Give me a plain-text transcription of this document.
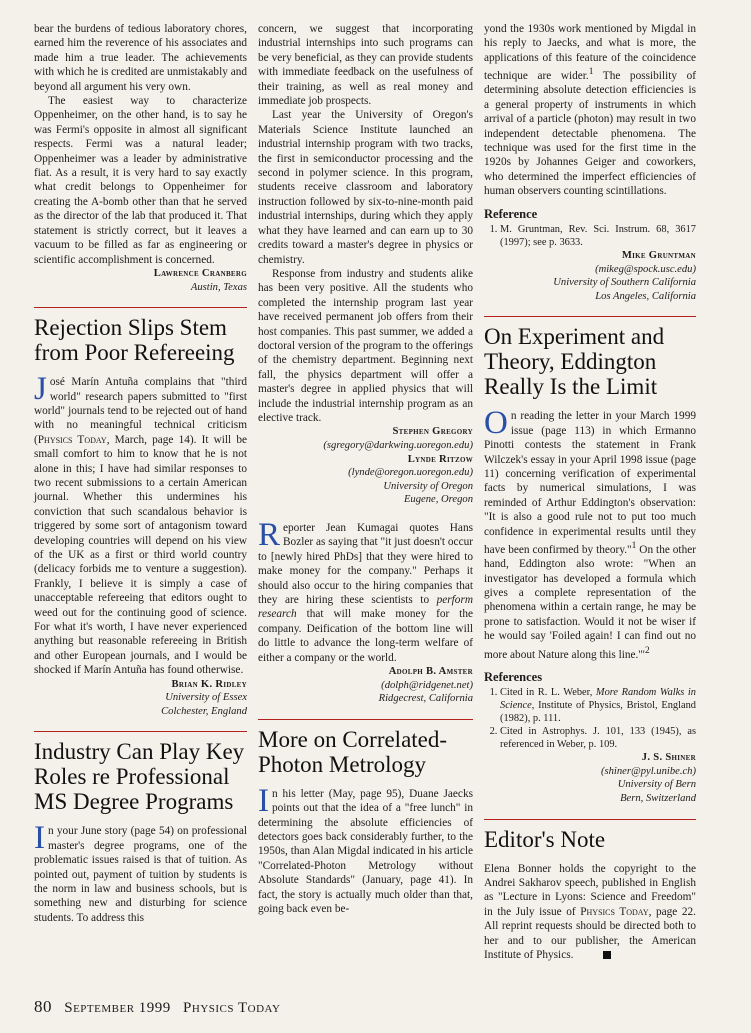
bear the burdens of tedious laboratory chores, earned him the reverence of his associates and made him a true leader. The achievements with which he is credited are unmistakably and beyond all argument his very own.

The easiest way to characterize Oppenheimer, on the other hand, is to say he was Fermi's opposite in almost all significant respects. Fermi was a natural leader; Oppenheimer was a leader by administrative fiat. As a result, it is very hard to say exactly what credit belongs to Oppenheimer for creating the A-bomb other than that he served as the director of the lab that produced it. That statement is strictly correct, but it leaves a vacuum to be filled as far as engineering or scientific accomplishment is concerned.

Lawrence Cranberg
Austin, Texas
Rejection Slips Stem from Poor Refereeing

José Marín Antuña complains that "third world" research papers submitted to "first world" journals tend to be rejected out of hand with no meaningful technical criticism (Physics Today, March, page 14). It will be small comfort to him to know that he is not alone in this; I have had similar responses to two recent submissions to a certain American journal. Whether this undermines his conviction that such scandalous behavior is triggered by some sort of antagonism toward developing countries will depend on his view of the UK as a first or third world country (delicacy forbids me to venture a suggestion). Frankly, I believe it is simply a case of unacceptable refereeing that editors ought to weed out for the continuing good of science. For what it's worth, I have never experienced anything but reasonable refereeing in British and other European journals, and I would be shocked if Marín Antuña has found otherwise.

Brian K. Ridley
University of Essex
Colchester, England
Industry Can Play Key Roles re Professional MS Degree Programs

In your June story (page 54) on professional master's degree programs, one of the problematic issues raised is that of tuition. As pointed out, payment of tuition by students is the norm in law and business schools, but is something new and disturbing for science students. To address this

concern, we suggest that incorporating industrial internships into such programs can be very beneficial, as they can provide students with immediate feedback on the usefulness of their training, as well as real money and immediate job prospects.

Last year the University of Oregon's Materials Science Institute launched an industrial internship program with two tracks, the first in semiconductor processing and the second in polymer science. In this program, students receive classroom and laboratory instruction followed by six-to-nine-month paid industrial internships, during which they apply what they have learned and can earn up to 30 credits toward a master's degree in physics or chemistry.

Response from industry and students alike has been very positive. All the students who completed the internship program last year have received permanent job offers from their host companies. This past summer, we added a doctoral version of the program to the offerings of the chemistry department. Beginning next fall, the physics department will offer a master's degree in applied physics that will include the industrial internship program as an elective track.

Stephen Gregory
(sgregory@darkwing.uoregon.edu)
Lynde Ritzow
(lynde@oregon.uoregon.edu)
University of Oregon
Eugene, Oregon

Reporter Jean Kumagai quotes Hans Bozler as saying that "it just doesn't occur to [newly hired PhDs] that they were hired to make money for the company." Perhaps it should also occur to the hiring companies that they are hiring these scientists to perform research that will make money for the company. Deification of the bottom line will do little to advance the long-term welfare of either a company or the world.

Adolph B. Amster
(dolph@ridgenet.net)
Ridgecrest, California
More on Correlated-Photon Metrology

In his letter (May, page 95), Duane Jaecks points out that the idea of a "free lunch" in determining the absolute efficiencies of detectors goes back considerably further, to the 1950s, than Alan Migdal indicated in his article "Correlated-Photon Metrology without Absolute Standards" (January, page 41). In fact, the story is actually much older than that, going back even be-

yond the 1930s work mentioned by Migdal in his reply to Jaecks, and what is more, the applications of this feature of the coincidence technique are wider.$^1$ The possibility of determining absolute detection efficiencies is a general property of instruments in which arrival of a particle (photon) may result in two independent detectable phenomena. The technique was used for the first time in the 1920s by Johannes Geiger and coworkers, who determined the imperfect efficiencies of human observers counting scintillations.

Reference
1. M. Gruntman, Rev. Sci. Instrum. 68, 3617 (1997); see p. 3633.
Mike Gruntman
(mikeg@spock.usc.edu)
University of Southern California
Los Angeles, California
On Experiment and Theory, Eddington Really Is the Limit

On reading the letter in your March 1999 issue (page 113) in which Ermanno Pinotti contests the statement in Frank Wilczek's essay in your April 1998 issue (page 11) concerning verification of experimental facts by numerical simulations, I was reminded of Arthur Eddington's observation: "It is also a good rule not to put too much confidence in experimental results until they have been confirmed by theory."$^1$ On the other hand, Eddington also wrote: "When an investigator has developed a formula which gives a complete representation of the phenomena within a certain range, he may be prone to satisfaction. Would it not be wiser if he would say 'Foiled again! I can find out no more about Nature along this line.'"$^2$

References
1. Cited in R. L. Weber, More Random Walks in Science, Institute of Physics, Bristol, England (1982), p. 111.
2. Cited in Astrophys. J. 101, 133 (1945), as referenced in Weber, p. 109.
J. S. Shiner
(shiner@pyl.unibe.ch)
University of Bern
Bern, Switzerland
Editor's Note

Elena Bonner holds the copyright to the Andrei Sakharov speech, published in English as "Lecture in Lyons: Science and Freedom" in the July issue of Physics Today, page 22. All reprint requests should be directed both to her and to our publisher, the American Institute of Physics.

80 September 1999 Physics Today
